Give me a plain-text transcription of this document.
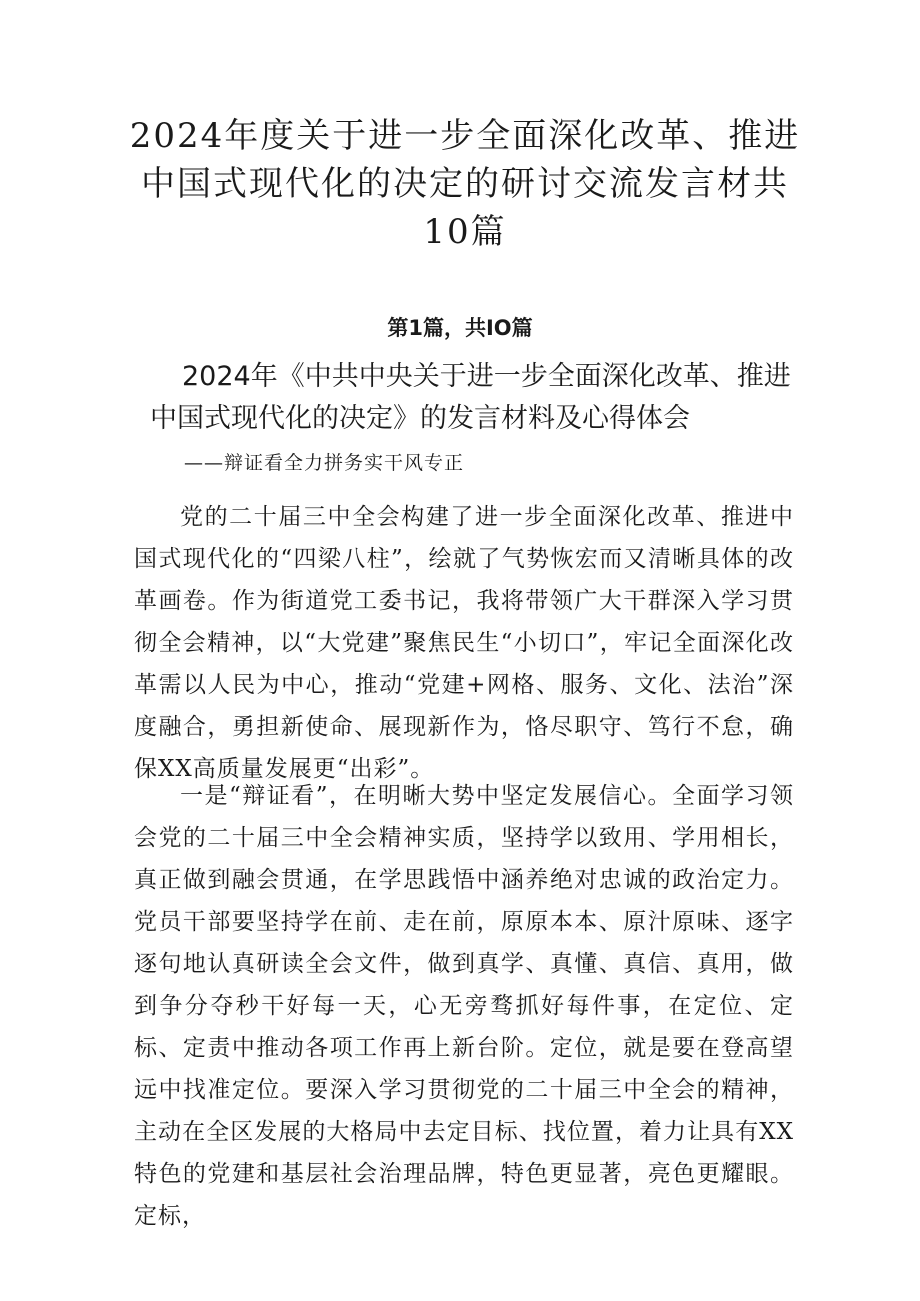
2024年度关于进一步全面深化改革、推进中国式现代化的决定的研讨交流发言材共10篇
第1篇，共IO篇
2024年《中共中央关于进一步全面深化改革、推进中国式现代化的决定》的发言材料及心得体会
——辩证看全力拼务实干风专正

党的二十届三中全会构建了进一步全面深化改革、推进中国式现代化的“四梁八柱”，绘就了气势恢宏而又清晰具体的改革画卷。作为街道党工委书记，我将带领广大干群深入学习贯彻全会精神，以“大党建”聚焦民生“小切口”，牢记全面深化改革需以人民为中心，推动“党建+网格、服务、文化、法治”深度融合，勇担新使命、展现新作为，恪尽职守、笃行不怠，确保XX高质量发展更“出彩”。

一是“辩证看”，在明晰大势中坚定发展信心。全面学习领会党的二十届三中全会精神实质，坚持学以致用、学用相长，真正做到融会贯通，在学思践悟中涵养绝对忠诚的政治定力。党员干部要坚持学在前、走在前，原原本本、原汁原味、逐字逐句地认真研读全会文件，做到真学、真懂、真信、真用，做到争分夺秒干好每一天，心无旁骛抓好每件事，在定位、定标、定责中推动各项工作再上新台阶。定位，就是要在登高望远中找准定位。要深入学习贯彻党的二十届三中全会的精神，主动在全区发展的大格局中去定目标、找位置，着力让具有XX特色的党建和基层社会治理品牌，特色更显著，亮色更耀眼。定标，
